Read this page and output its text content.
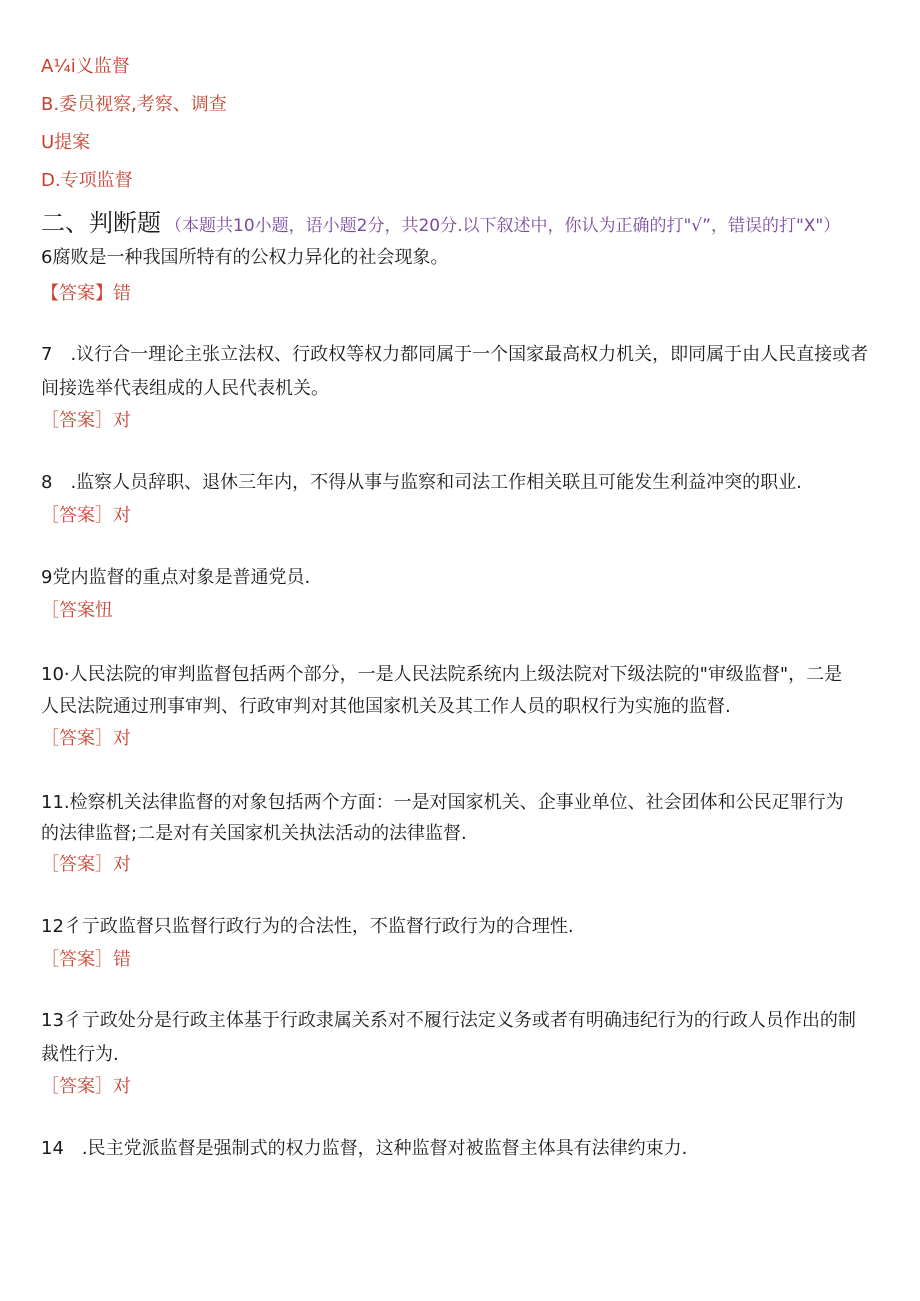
A¼i义监督
B.委员视察,考察、调查
U提案
D.专项监督
二、判断题 （本题共10小题，语小题2分，共20分.以下叙述中，你认为正确的打"√”，错误的打"X"）
6腐败是一种我国所特有的公权力异化的社会现象。
【答案】错
7　.议行合一理论主张立法权、行政权等权力都同属于一个国家最高权力机关，即同属于由人民直接或者
间接选举代表组成的人民代表机关。
［答案］对
8　.监察人员辞职、退休三年内，不得从事与监察和司法工作相关联且可能发生利益冲突的职业.
［答案］对
9党内监督的重点对象是普通党员.
［答案忸
10·人民法院的审判监督包括两个部分，一是人民法院系统内上级法院对下级法院的"审级监督"，二是
人民法院通过刑事审判、行政审判对其他国家机关及其工作人员的职权行为实施的监督.
［答案］对
11.检察机关法律监督的对象包括两个方面：一是对国家机关、企事业单位、社会团体和公民疋罪行为
的法律监督;二是对有关国家机关执法活动的法律监督.
［答案］对
12彳亍政监督只监督行政行为的合法性，不监督行政行为的合理性.
［答案］错
13彳亍政处分是行政主体基于行政隶属关系对不履行法定义务或者有明确违纪行为的行政人员作出的制
裁性行为.
［答案］对
14　.民主党派监督是强制式的权力监督，这种监督对被监督主体具有法律约束力.
